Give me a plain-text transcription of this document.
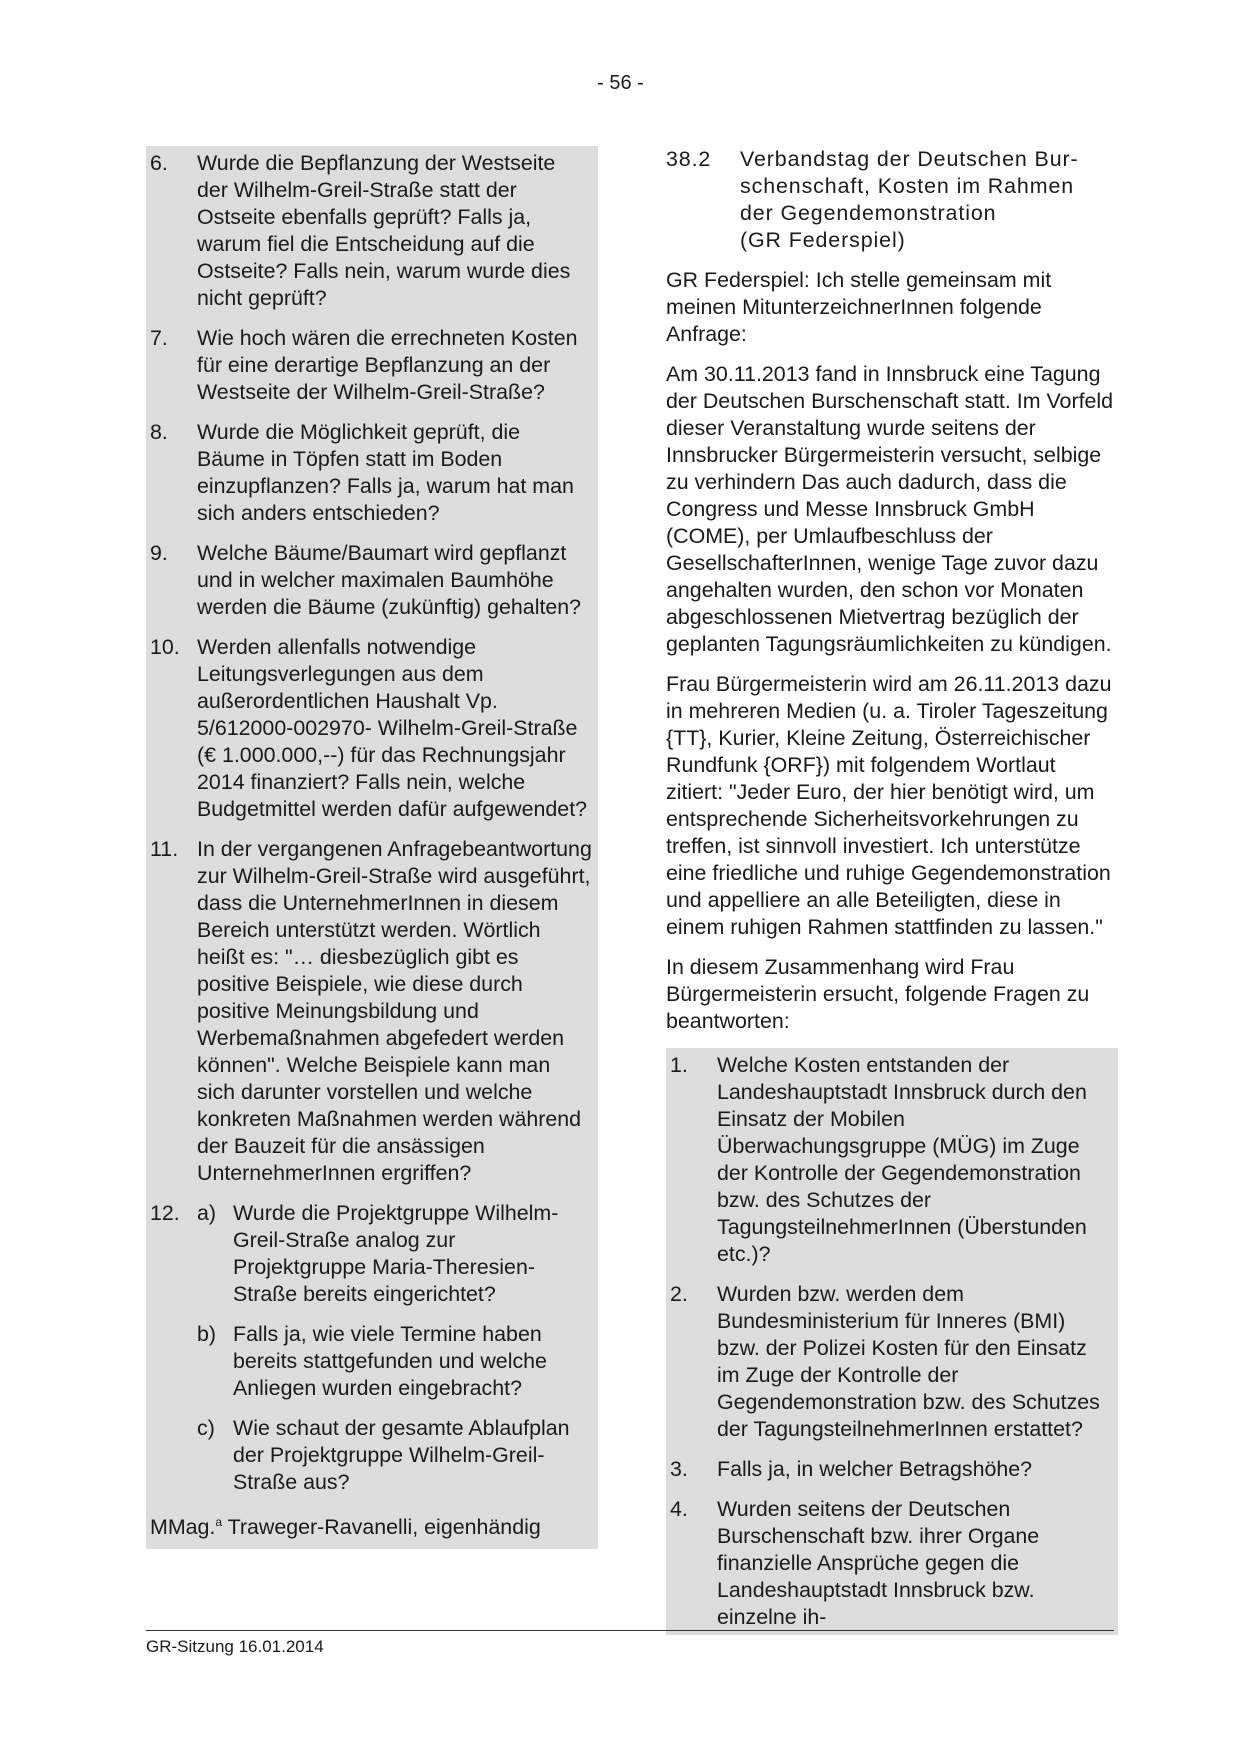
- 56 -
6.	Wurde die Bepflanzung der Westseite der Wilhelm-Greil-Straße statt der Ostseite ebenfalls geprüft? Falls ja, warum fiel die Entscheidung auf die Ostseite? Falls nein, warum wurde dies nicht geprüft?
7.	Wie hoch wären die errechneten Kosten für eine derartige Bepflanzung an der Westseite der Wilhelm-Greil-Straße?
8.	Wurde die Möglichkeit geprüft, die Bäume in Töpfen statt im Boden einzupflanzen? Falls ja, warum hat man sich anders entschieden?
9.	Welche Bäume/Baumart wird gepflanzt und in welcher maximalen Baumhöhe werden die Bäume (zukünftig) gehalten?
10. Werden allenfalls notwendige Leitungsverlegungen aus dem außerordentlichen Haushalt Vp. 5/612000-002970- Wilhelm-Greil-Straße (€ 1.000.000,--) für das Rechnungsjahr 2014 finanziert? Falls nein, welche Budgetmittel werden dafür aufgewendet?
11. In der vergangenen Anfragebeantwortung zur Wilhelm-Greil-Straße wird ausgeführt, dass die UnternehmerInnen in diesem Bereich unterstützt werden. Wörtlich heißt es: "… diesbezüglich gibt es positive Beispiele, wie diese durch positive Meinungsbildung und Werbemaßnahmen abgefedert werden können". Welche Beispiele kann man sich darunter vorstellen und welche konkreten Maßnahmen werden während der Bauzeit für die ansässigen UnternehmerInnen ergriffen?
12. a) Wurde die Projektgruppe Wilhelm-Greil-Straße analog zur Projektgruppe Maria-Theresien-Straße bereits eingerichtet?
b) Falls ja, wie viele Termine haben bereits stattgefunden und welche Anliegen wurden eingebracht?
c) Wie schaut der gesamte Ablaufplan der Projektgruppe Wilhelm-Greil-Straße aus?
MMag.$^a$ Traweger-Ravanelli, eigenhändig
38.2	Verbandstag der Deutschen Bur-
schenschaft, Kosten im Rahmen
der Gegendemonstration
(GR Federspiel)

GR Federspiel: Ich stelle gemeinsam mit meinen MitunterzeichnerInnen folgende Anfrage:

Am 30.11.2013 fand in Innsbruck eine Tagung der Deutschen Burschenschaft statt. Im Vorfeld dieser Veranstaltung wurde seitens der Innsbrucker Bürgermeisterin versucht, selbige zu verhindern Das auch dadurch, dass die Congress und Messe Innsbruck GmbH (COME), per Umlaufbeschluss der GesellschafterInnen, wenige Tage zuvor dazu angehalten wurden, den schon vor Monaten abgeschlossenen Mietvertrag bezüglich der geplanten Tagungsräumlichkeiten zu kündigen.

Frau Bürgermeisterin wird am 26.11.2013 dazu in mehreren Medien (u. a. Tiroler Tageszeitung {TT}, Kurier, Kleine Zeitung, Österreichischer Rundfunk {ORF}) mit folgendem Wortlaut zitiert: "Jeder Euro, der hier benötigt wird, um entsprechende Sicherheitsvorkehrungen zu treffen, ist sinnvoll investiert. Ich unterstütze eine friedliche und ruhige Gegendemonstration und appelliere an alle Beteiligten, diese in einem ruhigen Rahmen stattfinden zu lassen."

In diesem Zusammenhang wird Frau Bürgermeisterin ersucht, folgende Fragen zu beantworten:

1.	Welche Kosten entstanden der Landeshauptstadt Innsbruck durch den Einsatz der Mobilen Überwachungsgruppe (MÜG) im Zuge der Kontrolle der Gegendemonstration bzw. des Schutzes der TagungsteilnehmerInnen (Überstunden etc.)?
2.	Wurden bzw. werden dem Bundesministerium für Inneres (BMI) bzw. der Polizei Kosten für den Einsatz im Zuge der Kontrolle der Gegendemonstration bzw. des Schutzes der TagungsteilnehmerInnen erstattet?
3.	Falls ja, in welcher Betragshöhe?
4.	Wurden seitens der Deutschen Burschenschaft bzw. ihrer Organe finanzielle Ansprüche gegen die Landeshauptstadt Innsbruck bzw. einzelne ih-
GR-Sitzung 16.01.2014
